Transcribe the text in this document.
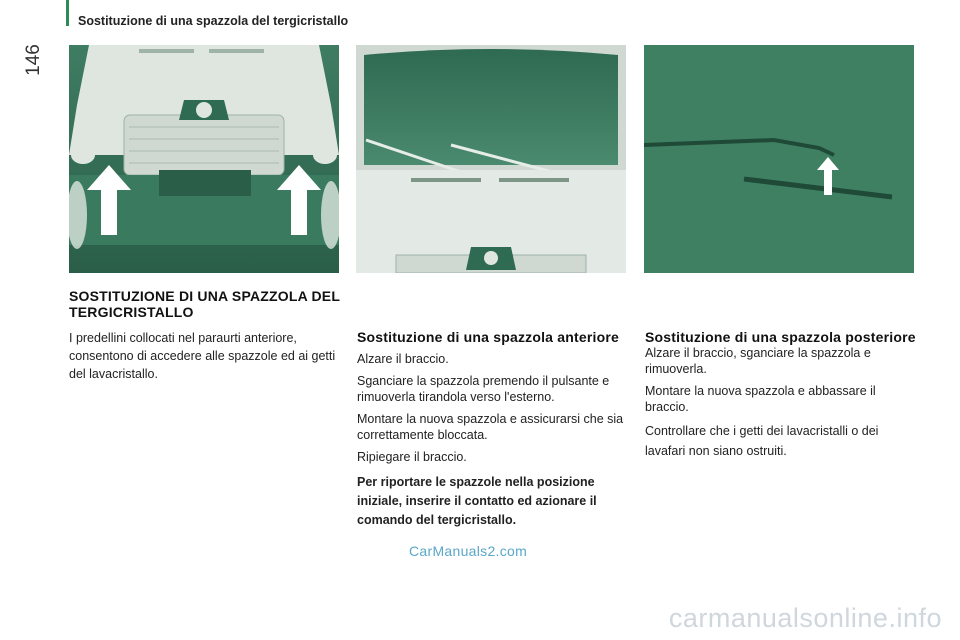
146
Sostituzione di una spazzola del tergicristallo
SOSTITUZIONE DI UNA SPAZZOLA DEL TERGICRISTALLO
I predellini collocati nel paraurti anteriore, consentono di accedere alle spazzole ed ai getti del lavacristallo.
Sostituzione di una spazzola anteriore

Alzare il braccio.

Sganciare la spazzola premendo il pulsante e rimuoverla tirandola verso l'esterno.

Montare la nuova spazzola e assicurarsi che sia correttamente bloccata.

Ripiegare il braccio.

Per riportare le spazzole nella posizione iniziale, inserire il contatto ed azionare il comando del tergicristallo.

Sostituzione di una spazzola posteriore

Alzare il braccio, sganciare la spazzola e rimuoverla.

Montare la nuova spazzola e abbassare il braccio.

Controllare che i getti dei lavacristalli o dei lavafari non siano ostruiti.

CarManuals2.com
carmanualsonline.info
